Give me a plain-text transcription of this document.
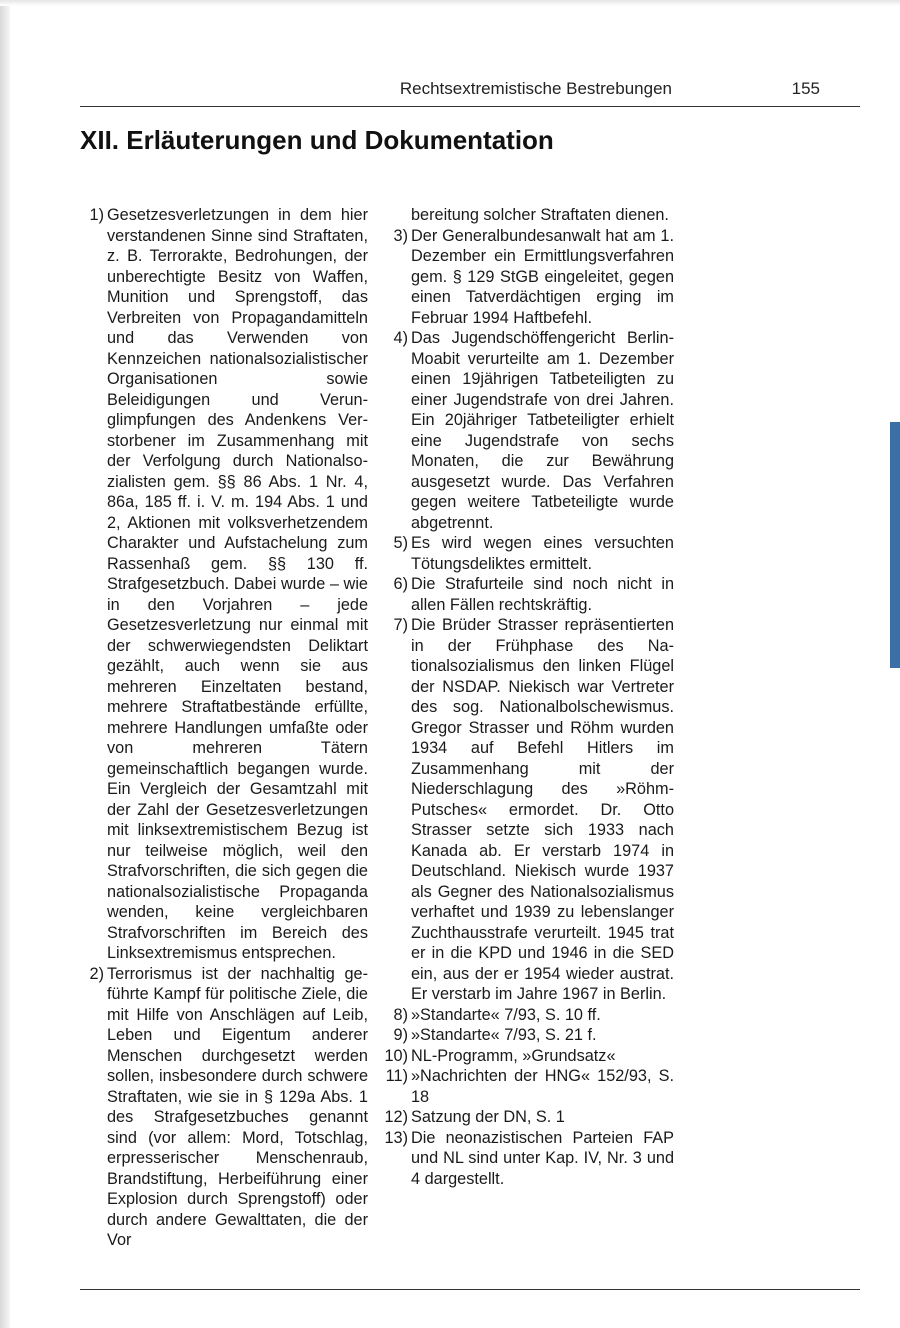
Rechtsextremistische Bestrebungen	155
XII. Erläuterungen und Dokumentation
1) Gesetzesverletzungen in dem hier verstandenen Sinne sind Straftaten, z. B. Terrorakte, Bedrohungen, der unberechtigte Besitz von Waffen, Munition und Sprengstoff, das Verbreiten von Propagandamitteln und das Verwenden von Kennzeichen nationalsozialistischer Organisationen sowie Beleidigungen und Verunglimpfungen des Andenkens Verstorbener im Zusammenhang mit der Verfolgung durch Nationalsozialisten gem. §§ 86 Abs. 1 Nr. 4, 86a, 185 ff. i. V. m. 194 Abs. 1 und 2, Aktionen mit volksverhetzendem Charakter und Aufstachelung zum Rassenhaß gem. §§ 130 ff. Strafgesetzbuch. Dabei wurde – wie in den Vorjahren – jede Gesetzesverletzung nur einmal mit der schwerwiegendsten Deliktart gezählt, auch wenn sie aus mehreren Einzeltaten bestand, mehrere Straftatbestände erfüllte, mehrere Handlungen umfaßte oder von mehreren Tätern gemeinschaftlich begangen wurde. Ein Vergleich der Gesamtzahl mit der Zahl der Gesetzesverletzungen mit linksextremistischem Bezug ist nur teilweise möglich, weil den Strafvorschriften, die sich gegen die nationalsozialistische Propaganda wenden, keine vergleichbaren Strafvorschriften im Bereich des Linksextremismus entsprechen.
2) Terrorismus ist der nachhaltig geführte Kampf für politische Ziele, die mit Hilfe von Anschlägen auf Leib, Leben und Eigentum anderer Menschen durchgesetzt werden sollen, insbesondere durch schwere Straftaten, wie sie in § 129a Abs. 1 des Strafgesetzbuches genannt sind (vor allem: Mord, Totschlag, erpresserischer Menschenraub, Brandstiftung, Herbeiführung einer Explosion durch Sprengstoff) oder durch andere Gewalttaten, die der Vor
bereitung solcher Straftaten dienen.
3) Der Generalbundesanwalt hat am 1. Dezember ein Ermittlungsverfahren gem. § 129 StGB eingeleitet, gegen einen Tatverdächtigen erging im Februar 1994 Haftbefehl.
4) Das Jugendschöffengericht Berlin-Moabit verurteilte am 1. Dezember einen 19jährigen Tatbeteiligten zu einer Jugendstrafe von drei Jahren. Ein 20jähriger Tatbeteiligter erhielt eine Jugendstrafe von sechs Monaten, die zur Bewährung ausgesetzt wurde. Das Verfahren gegen weitere Tatbeteiligte wurde abgetrennt.
5) Es wird wegen eines versuchten Tötungsdeliktes ermittelt.
6) Die Strafurteile sind noch nicht in allen Fällen rechtskräftig.
7) Die Brüder Strasser repräsentierten in der Frühphase des Nationalsozialismus den linken Flügel der NSDAP. Niekisch war Vertreter des sog. Nationalbolschewismus. Gregor Strasser und Röhm wurden 1934 auf Befehl Hitlers im Zusammenhang mit der Niederschlagung des »Röhm-Putsches« ermordet. Dr. Otto Strasser setzte sich 1933 nach Kanada ab. Er verstarb 1974 in Deutschland. Niekisch wurde 1937 als Gegner des Nationalsozialismus verhaftet und 1939 zu lebenslanger Zuchthausstrafe verurteilt. 1945 trat er in die KPD und 1946 in die SED ein, aus der er 1954 wieder austrat. Er verstarb im Jahre 1967 in Berlin.
8) »Standarte« 7/93, S. 10 ff.
9) »Standarte« 7/93, S. 21 f.
10) NL-Programm, »Grundsatz«
11) »Nachrichten der HNG« 152/93, S. 18
12) Satzung der DN, S. 1
13) Die neonazistischen Parteien FAP und NL sind unter Kap. IV, Nr. 3 und 4 dargestellt.
